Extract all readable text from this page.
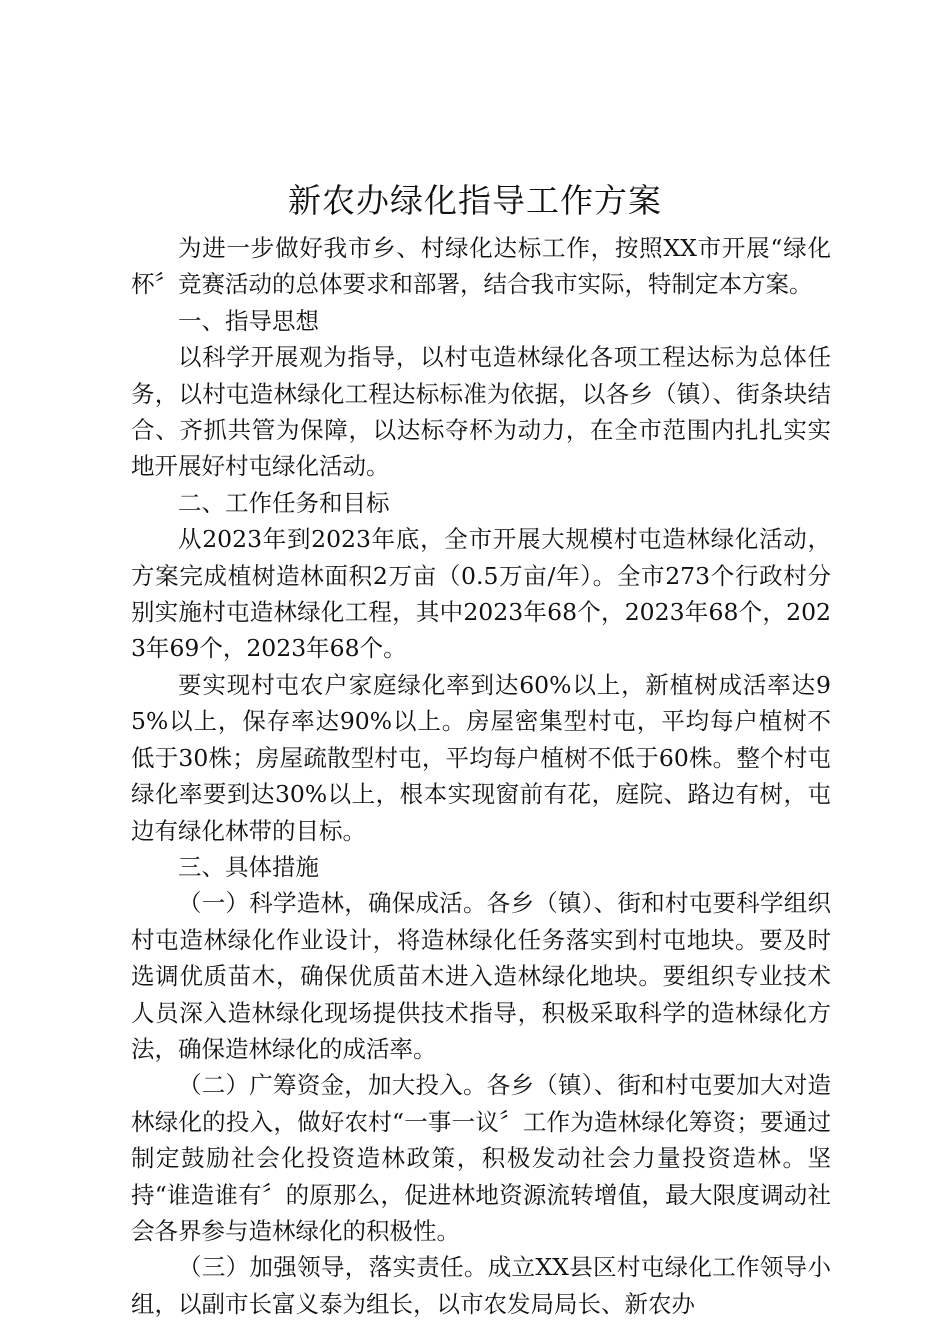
新农办绿化指导工作方案

为进一步做好我市乡、村绿化达标工作，按照XX市开展“绿化杯〞竞赛活动的总体要求和部署，结合我市实际，特制定本方案。

一、指导思想

以科学开展观为指导，以村屯造林绿化各项工程达标为总体任务，以村屯造林绿化工程达标标准为依据，以各乡（镇）、街条块结合、齐抓共管为保障，以达标夺杯为动力，在全市范围内扎扎实实地开展好村屯绿化活动。

二、工作任务和目标

从2023年到2023年底，全市开展大规模村屯造林绿化活动，方案完成植树造林面积2万亩（0.5万亩/年）。全市273个行政村分别实施村屯造林绿化工程，其中2023年68个，2023年68个，2023年69个，2023年68个。

要实现村屯农户家庭绿化率到达60%以上，新植树成活率达95%以上，保存率达90%以上。房屋密集型村屯，平均每户植树不低于30株；房屋疏散型村屯，平均每户植树不低于60株。整个村屯绿化率要到达30%以上，根本实现窗前有花，庭院、路边有树，屯边有绿化林带的目标。

三、具体措施

（一）科学造林，确保成活。各乡（镇）、街和村屯要科学组织村屯造林绿化作业设计，将造林绿化任务落实到村屯地块。要及时选调优质苗木，确保优质苗木进入造林绿化地块。要组织专业技术人员深入造林绿化现场提供技术指导，积极采取科学的造林绿化方法，确保造林绿化的成活率。

（二）广筹资金，加大投入。各乡（镇）、街和村屯要加大对造林绿化的投入，做好农村“一事一议〞工作为造林绿化筹资；要通过制定鼓励社会化投资造林政策，积极发动社会力量投资造林。坚持“谁造谁有〞的原那么，促进林地资源流转增值，最大限度调动社会各界参与造林绿化的积极性。

（三）加强领导，落实责任。成立XX县区村屯绿化工作领导小组，以副市长富义泰为组长，以市农发局局长、新农办
